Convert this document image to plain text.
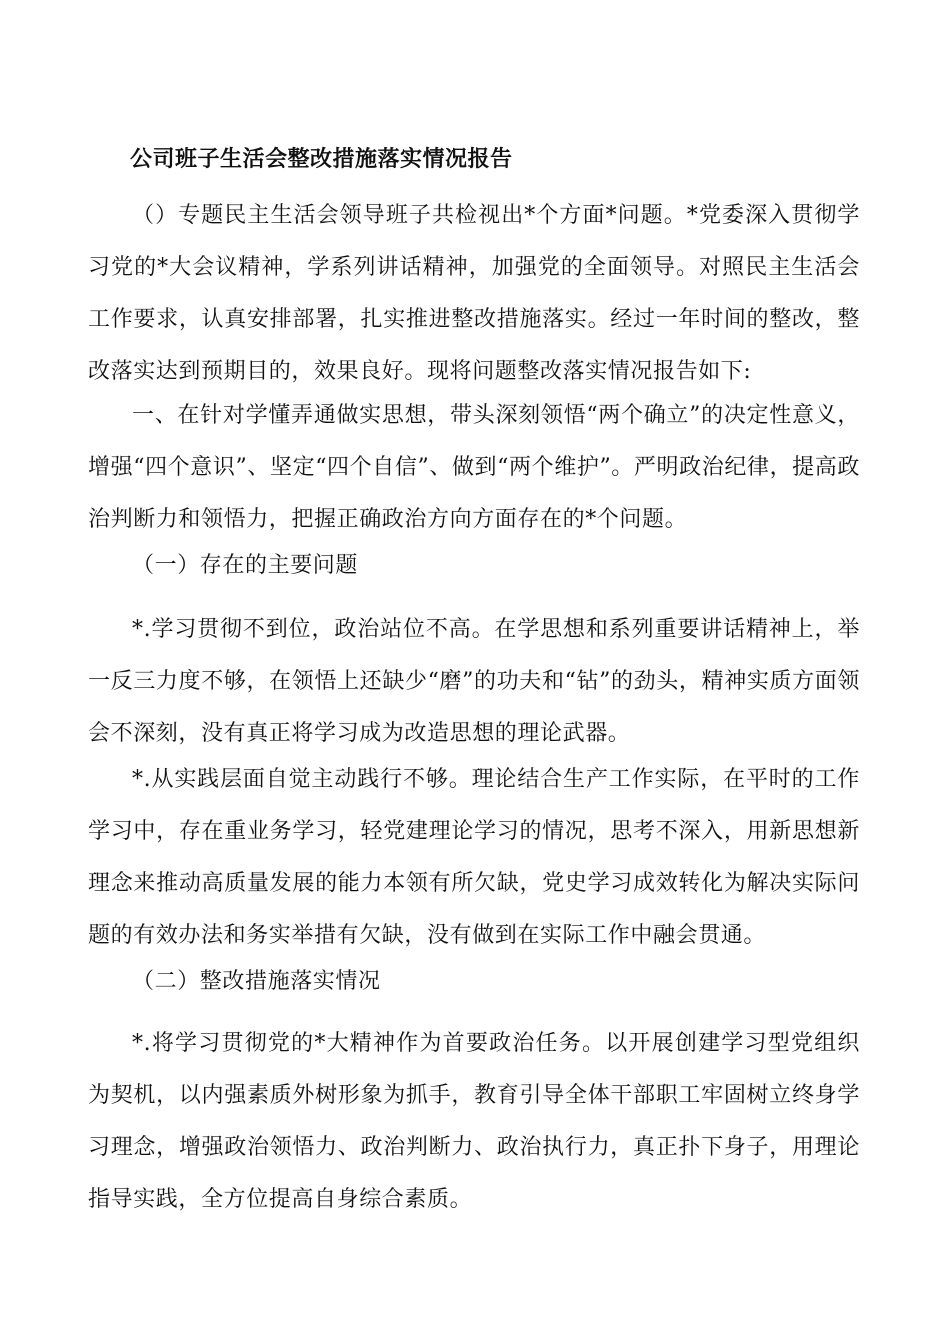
公司班子生活会整改措施落实情况报告
（）专题民主生活会领导班子共检视出*个方面*问题。*党委深入贯彻学习党的*大会议精神，学系列讲话精神，加强党的全面领导。对照民主生活会工作要求，认真安排部署，扎实推进整改措施落实。经过一年时间的整改，整改落实达到预期目的，效果良好。现将问题整改落实情况报告如下:
一、在针对学懂弄通做实思想，带头深刻领悟“两个确立”的决定性意义，增强“四个意识”、坚定“四个自信”、做到“两个维护”。严明政治纪律，提高政治判断力和领悟力，把握正确政治方向方面存在的*个问题。
（一）存在的主要问题
*.学习贯彻不到位，政治站位不高。在学思想和系列重要讲话精神上，举一反三力度不够，在领悟上还缺少“磨”的功夫和“钻”的劲头，精神实质方面领会不深刻，没有真正将学习成为改造思想的理论武器。
*.从实践层面自觉主动践行不够。理论结合生产工作实际，在平时的工作学习中，存在重业务学习，轻党建理论学习的情况，思考不深入，用新思想新理念来推动高质量发展的能力本领有所欠缺，党史学习成效转化为解决实际问题的有效办法和务实举措有欠缺，没有做到在实际工作中融会贯通。
（二）整改措施落实情况
*.将学习贯彻党的*大精神作为首要政治任务。以开展创建学习型党组织为契机，以内强素质外树形象为抓手，教育引导全体干部职工牢固树立终身学习理念，增强政治领悟力、政治判断力、政治执行力，真正扑下身子，用理论指导实践，全方位提高自身综合素质。
